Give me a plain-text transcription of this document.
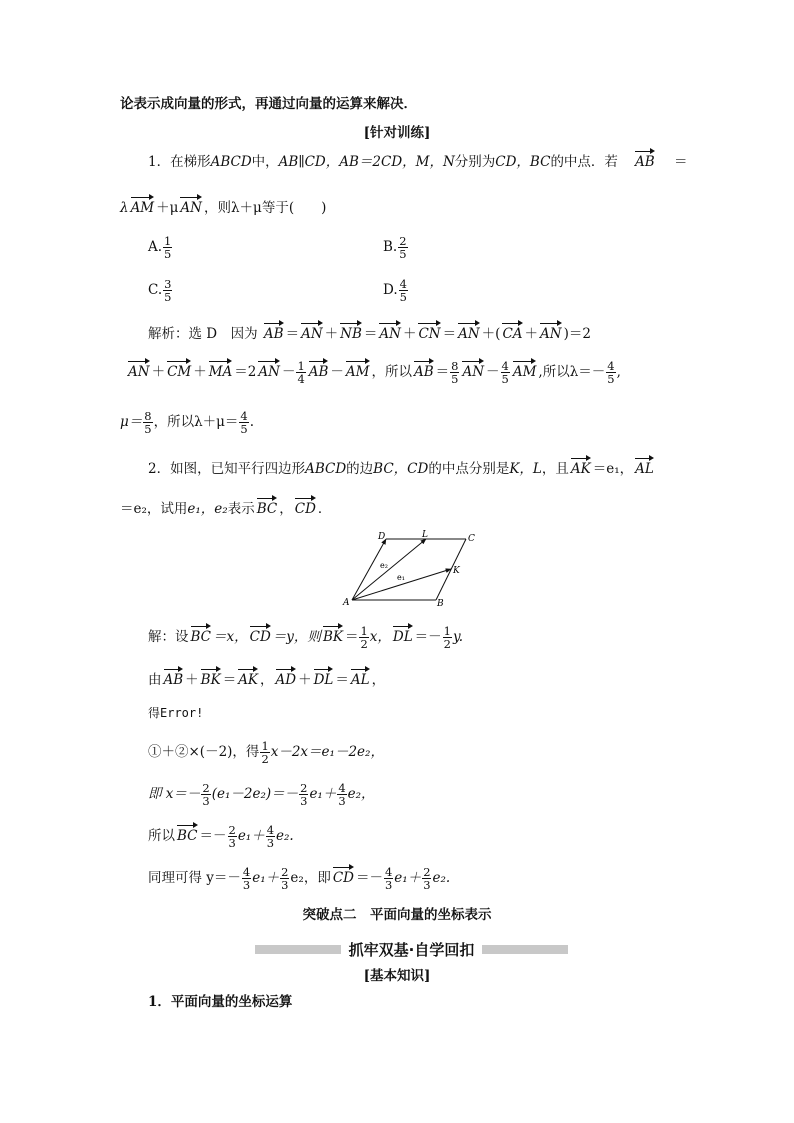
论表示成向量的形式，再通过向量的运算来解决．
[针对训练]
1．在梯形ABCD中，AB∥CD，AB＝2CD，M，N分别为CD，BC的中点．若 AB ＝
λ AM ＋μ AN ，则λ＋μ等于(　　)
A. $\frac{1}{5}$	B. $\frac{2}{5}$
C. $\frac{3}{5}$	D. $\frac{4}{5}$
解析：选 D　因为 AB ＝ AN ＋ NB ＝ AN ＋ CN ＝ AN ＋( CA ＋ AN )＝2
AN ＋ CM ＋ MA ＝2 AN － $\frac{1}{4}$ AB － AM ，所以 AB ＝ $\frac{8}{5}$ AN － $\frac{4}{5}$ AM ,所以$\lambda=- \frac{4}{5}$ ,
$\mu= \frac{8}{5}$ ，所以$\lambda+\mu= \frac{4}{5}$ .
2．如图，已知平行四边形ABCD的边BC，CD的中点分别是K，L，且 AK ＝e₁， AL
＝e₂，试用e₁，e₂表示 BC ， CD ．
A	B
C
D
K
L
e₂
e₁
解：设 BC ＝x， CD ＝y，则 BK ＝ $\frac{1}{2}$ x， DL ＝－ $\frac{1}{2} y$.
由 AB ＋ BK ＝ AK ， AD ＋ DL ＝ AL ，
得Error!
①＋②×(－2)，得 $\frac{1}{2} x-2x=e_1-2e_2$，
即 $x=- \frac{2}{3} (e_1-2e_2)=- \frac{2}{3} e_1+ \frac{4}{3} e_2$，
所以 BC ＝－ $\frac{2}{3} e_1+ \frac{4}{3} e_2$.
同理可得 $y=- \frac{4}{3} e_1+ \frac{2}{3} e_2$，即 CD ＝－ $\frac{4}{3} e_1+ \frac{2}{3} e_2$.
突破点二　平面向量的坐标表示
抓牢双基·自学回扣
[基本知识]
1．平面向量的坐标运算
